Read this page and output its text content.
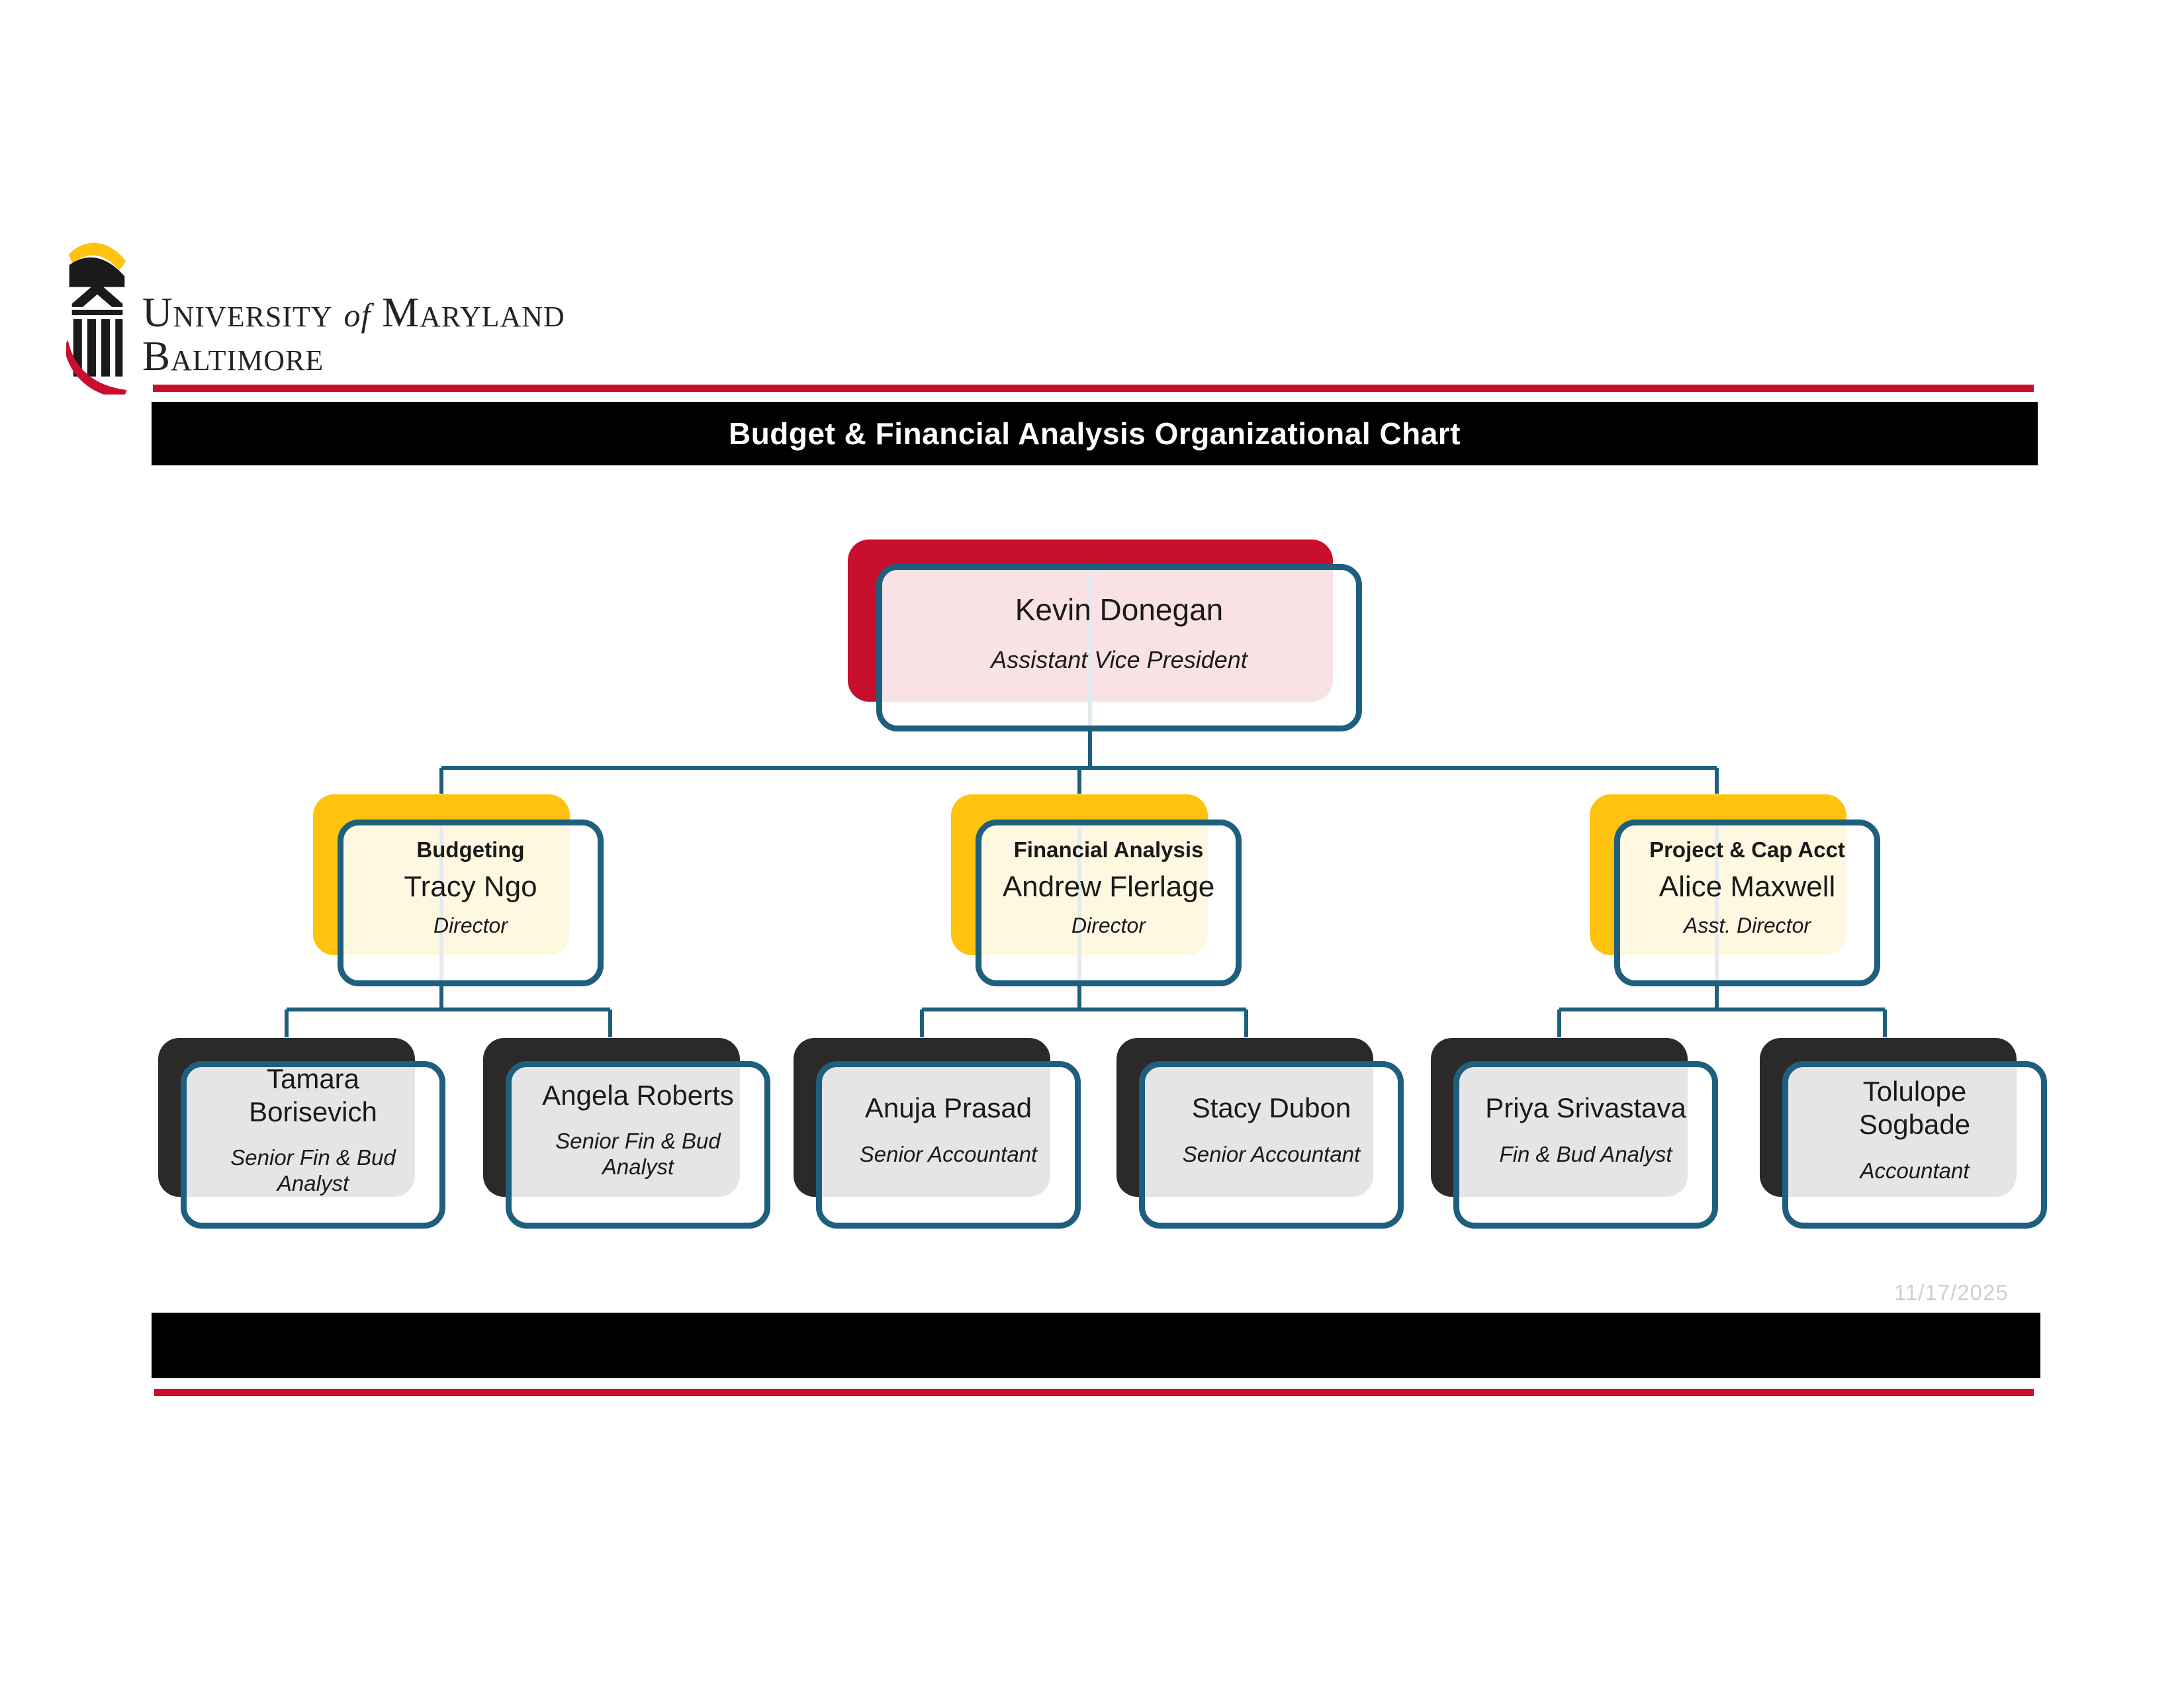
University of Maryland
Baltimore
Budget & Financial Analysis Organizational Chart
Kevin Donegan
Assistant Vice President
Budgeting
Tracy Ngo
Director
Financial Analysis
Andrew Flerlage
Director
Project & Cap Acct
Alice Maxwell
Asst. Director
Tamara Borisevich
Senior Fin & Bud Analyst
Angela Roberts
Senior Fin & Bud Analyst
Anuja Prasad
Senior Accountant
Stacy Dubon
Senior Accountant
Priya Srivastava
Fin & Bud Analyst
Tolulope Sogbade
Accountant
11/17/2025
